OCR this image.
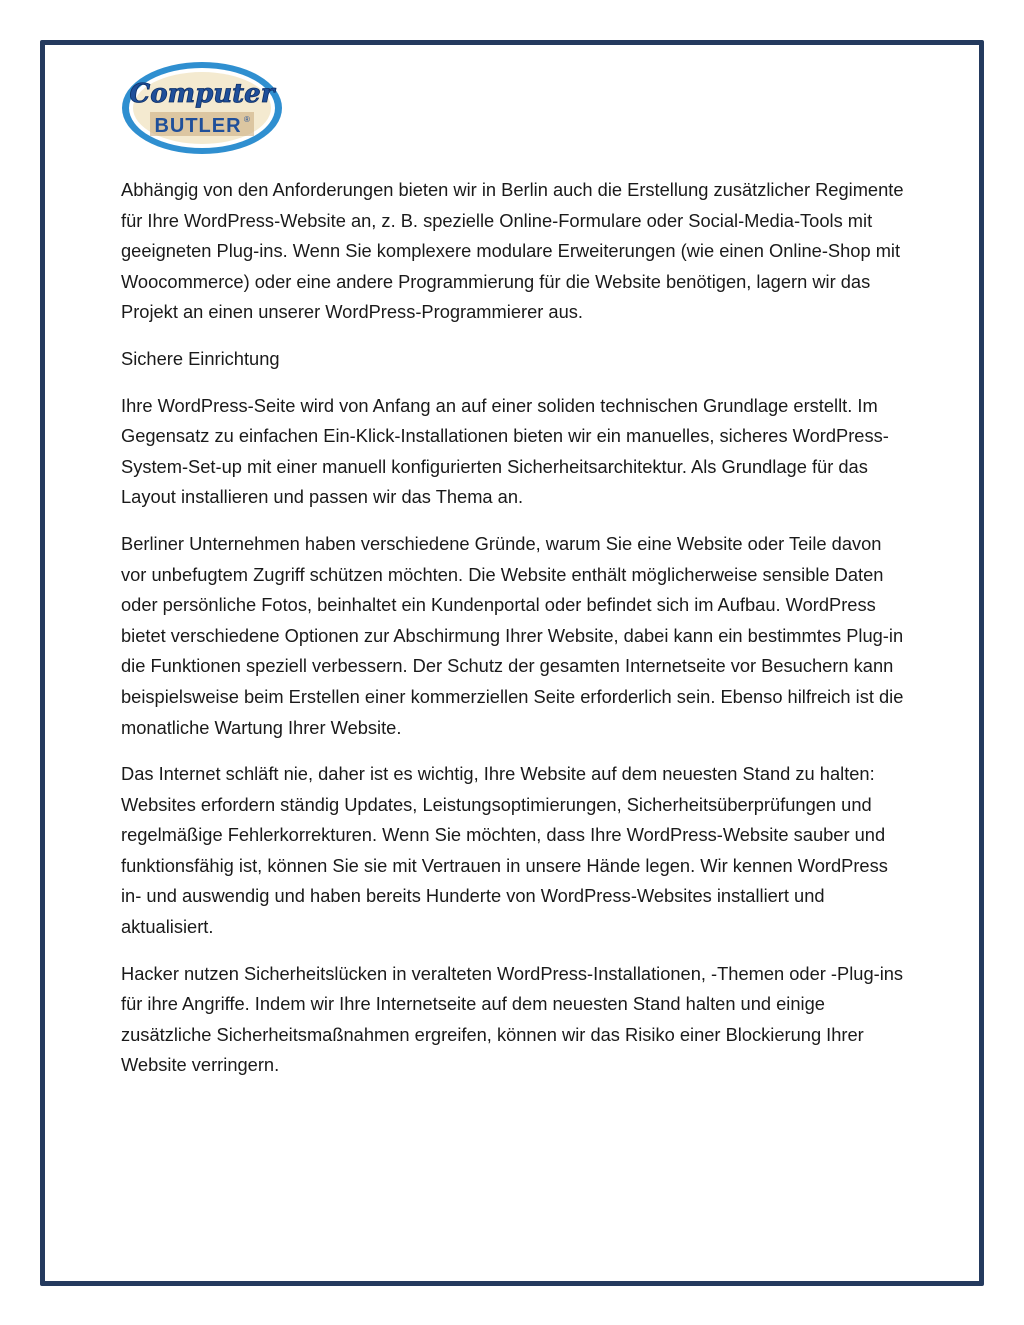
Computer
BUTLER ®

Abhängig von den Anforderungen bieten wir in Berlin auch die Erstellung zusätzlicher Regimente für Ihre WordPress-Website an, z. B. spezielle Online-Formulare oder Social-Media-Tools mit geeigneten Plug-ins. Wenn Sie komplexere modulare Erweiterungen (wie einen Online-Shop mit Woocommerce) oder eine andere Programmierung für die Website benötigen, lagern wir das Projekt an einen unserer WordPress-Programmierer aus.

Sichere Einrichtung

Ihre WordPress-Seite wird von Anfang an auf einer soliden technischen Grundlage erstellt. Im Gegensatz zu einfachen Ein-Klick-Installationen bieten wir ein manuelles, sicheres WordPress-System-Set-up mit einer manuell konfigurierten Sicherheitsarchitektur. Als Grundlage für das Layout installieren und passen wir das Thema an.

Berliner Unternehmen haben verschiedene Gründe, warum Sie eine Website oder Teile davon vor unbefugtem Zugriff schützen möchten. Die Website enthält möglicherweise sensible Daten oder persönliche Fotos, beinhaltet ein Kundenportal oder befindet sich im Aufbau. WordPress bietet verschiedene Optionen zur Abschirmung Ihrer Website, dabei kann ein bestimmtes Plug-in die Funktionen speziell verbessern. Der Schutz der gesamten Internetseite vor Besuchern kann beispielsweise beim Erstellen einer kommerziellen Seite erforderlich sein. Ebenso hilfreich ist die monatliche Wartung Ihrer Website.

Das Internet schläft nie, daher ist es wichtig, Ihre Website auf dem neuesten Stand zu halten: Websites erfordern ständig Updates, Leistungsoptimierungen, Sicherheitsüberprüfungen und regelmäßige Fehlerkorrekturen. Wenn Sie möchten, dass Ihre WordPress-Website sauber und funktionsfähig ist, können Sie sie mit Vertrauen in unsere Hände legen. Wir kennen WordPress in- und auswendig und haben bereits Hunderte von WordPress-Websites installiert und aktualisiert.

Hacker nutzen Sicherheitslücken in veralteten WordPress-Installationen, -Themen oder -Plug-ins für ihre Angriffe. Indem wir Ihre Internetseite auf dem neuesten Stand halten und einige zusätzliche Sicherheitsmaßnahmen ergreifen, können wir das Risiko einer Blockierung Ihrer Website verringern.
